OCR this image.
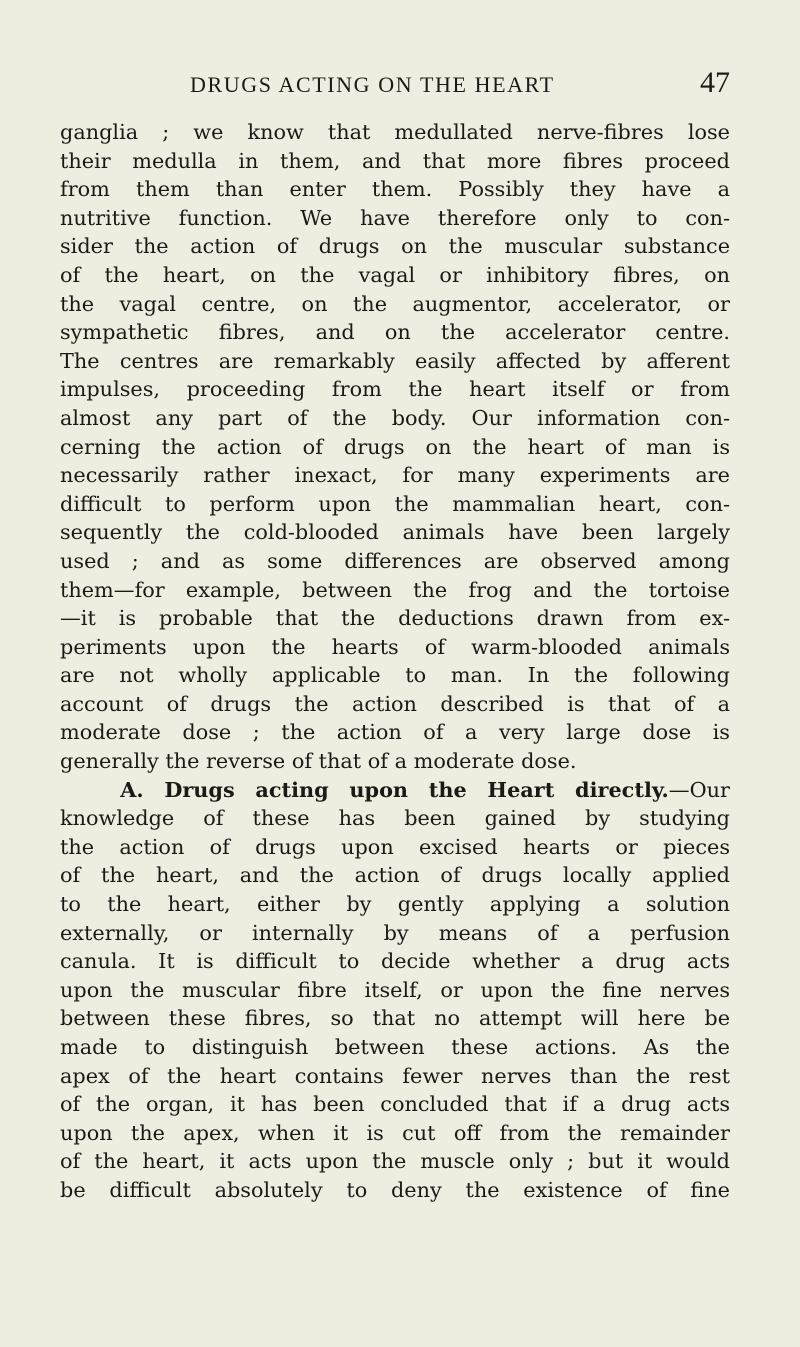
DRUGS ACTING ON THE HEART	47
ganglia ; we know that medullated nerve-fibres lose
their medulla in them, and that more fibres proceed
from them than enter them. Possibly they have a
nutritive function. We have therefore only to con-
sider the action of drugs on the muscular substance
of the heart, on the vagal or inhibitory fibres, on
the vagal centre, on the augmentor, accelerator, or
sympathetic fibres, and on the accelerator centre.
The centres are remarkably easily affected by afferent
impulses, proceeding from the heart itself or from
almost any part of the body. Our information con-
cerning the action of drugs on the heart of man is
necessarily rather inexact, for many experiments are
difficult to perform upon the mammalian heart, con-
sequently the cold-blooded animals have been largely
used ; and as some differences are observed among
them—for example, between the frog and the tortoise
—it is probable that the deductions drawn from ex-
periments upon the hearts of warm-blooded animals
are not wholly applicable to man. In the following
account of drugs the action described is that of a
moderate dose ; the action of a very large dose is
generally the reverse of that of a moderate dose.
A. Drugs acting upon the Heart directly.—Our
knowledge of these has been gained by studying
the action of drugs upon excised hearts or pieces
of the heart, and the action of drugs locally applied
to the heart, either by gently applying a solution
externally, or internally by means of a perfusion
canula. It is difficult to decide whether a drug acts
upon the muscular fibre itself, or upon the fine nerves
between these fibres, so that no attempt will here be
made to distinguish between these actions. As the
apex of the heart contains fewer nerves than the rest
of the organ, it has been concluded that if a drug acts
upon the apex, when it is cut off from the remainder
of the heart, it acts upon the muscle only ; but it would
be difficult absolutely to deny the existence of fine
